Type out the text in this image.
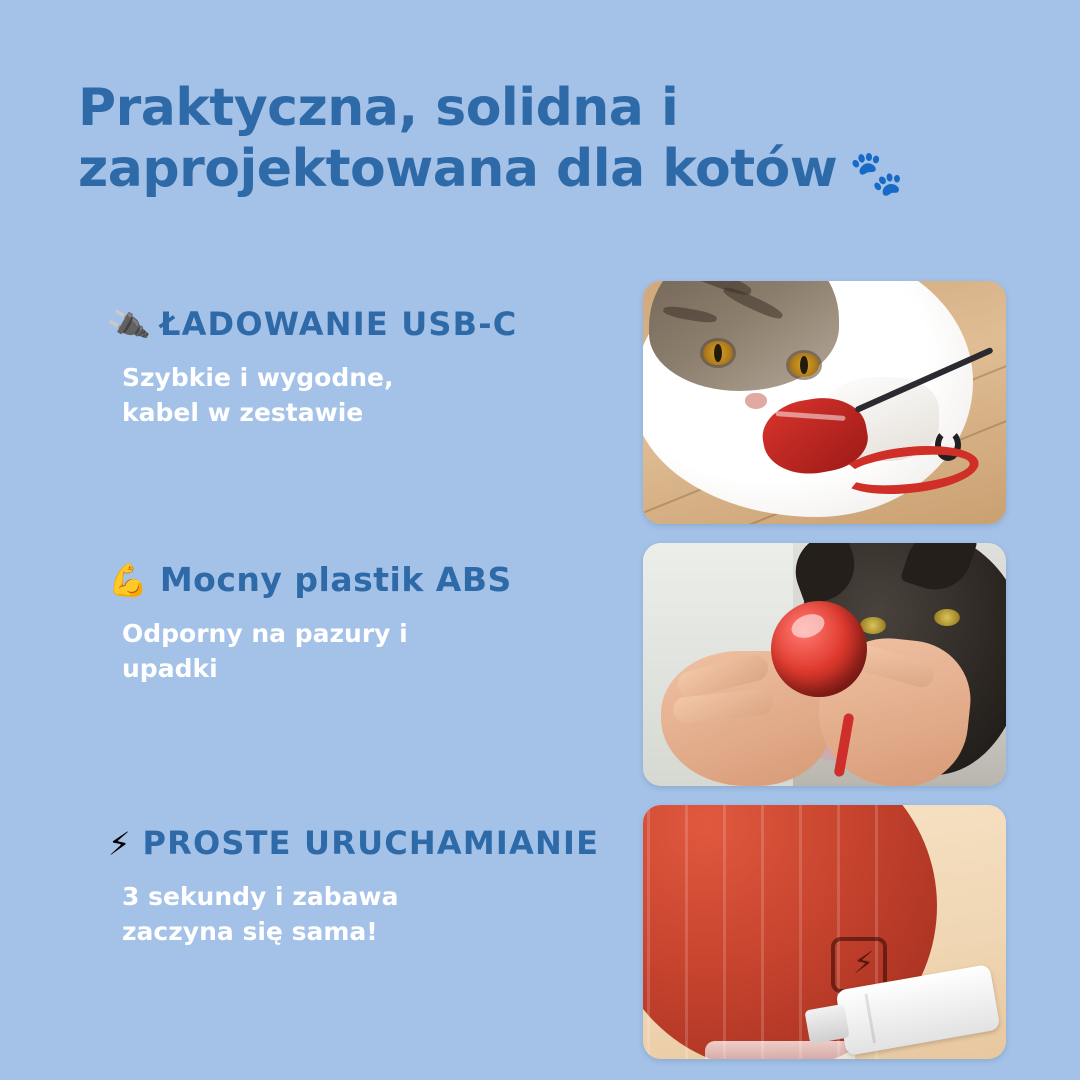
Praktyczna, solidna i
zaprojektowana dla kotów 🐾
🔌 ŁADOWANIE USB-C
Szybkie i wygodne,
kabel w zestawie
💪 Mocny plastik ABS
Odporny na pazury i
upadki
⚡ PROSTE URUCHAMIANIE
3 sekundy i zabawa
zaczyna się sama!
⚡
